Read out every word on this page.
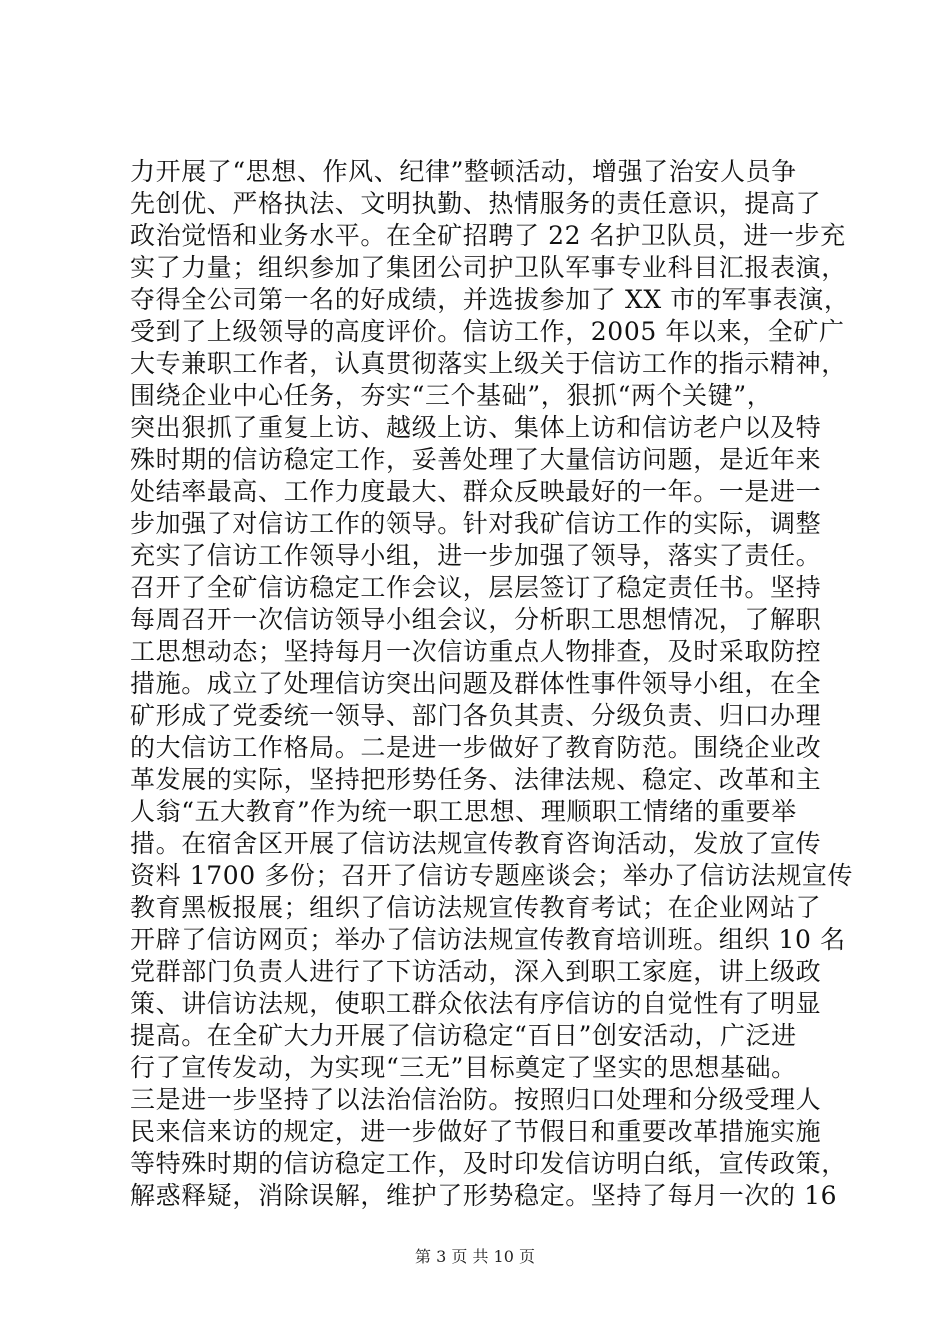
力开展了“思想、作风、纪律”整顿活动，增强了治安人员争
先创优、严格执法、文明执勤、热情服务的责任意识，提高了
政治觉悟和业务水平。在全矿招聘了 22 名护卫队员，进一步充
实了力量；组织参加了集团公司护卫队军事专业科目汇报表演，
夺得全公司第一名的好成绩，并选拔参加了 XX 市的军事表演，
受到了上级领导的高度评价。信访工作，2005 年以来，全矿广
大专兼职工作者，认真贯彻落实上级关于信访工作的指示精神，
围绕企业中心任务，夯实“三个基础”，狠抓“两个关键”，
突出狠抓了重复上访、越级上访、集体上访和信访老户以及特
殊时期的信访稳定工作，妥善处理了大量信访问题，是近年来
处结率最高、工作力度最大、群众反映最好的一年。一是进一
步加强了对信访工作的领导。针对我矿信访工作的实际，调整
充实了信访工作领导小组，进一步加强了领导，落实了责任。
召开了全矿信访稳定工作会议，层层签订了稳定责任书。坚持
每周召开一次信访领导小组会议，分析职工思想情况，了解职
工思想动态；坚持每月一次信访重点人物排查，及时采取防控
措施。成立了处理信访突出问题及群体性事件领导小组，在全
矿形成了党委统一领导、部门各负其责、分级负责、归口办理
的大信访工作格局。二是进一步做好了教育防范。围绕企业改
革发展的实际，坚持把形势任务、法律法规、稳定、改革和主
人翁“五大教育”作为统一职工思想、理顺职工情绪的重要举
措。在宿舍区开展了信访法规宣传教育咨询活动，发放了宣传
资料 1700 多份；召开了信访专题座谈会；举办了信访法规宣传
教育黑板报展；组织了信访法规宣传教育考试；在企业网站了
开辟了信访网页；举办了信访法规宣传教育培训班。组织 10 名
党群部门负责人进行了下访活动，深入到职工家庭，讲上级政
策、讲信访法规，使职工群众依法有序信访的自觉性有了明显
提高。在全矿大力开展了信访稳定“百日”创安活动，广泛进
行了宣传发动，为实现“三无”目标奠定了坚实的思想基础。
三是进一步坚持了以法治信治防。按照归口处理和分级受理人
民来信来访的规定，进一步做好了节假日和重要改革措施实施
等特殊时期的信访稳定工作，及时印发信访明白纸，宣传政策，
解惑释疑，消除误解，维护了形势稳定。坚持了每月一次的 16
第 3 页 共 10 页
